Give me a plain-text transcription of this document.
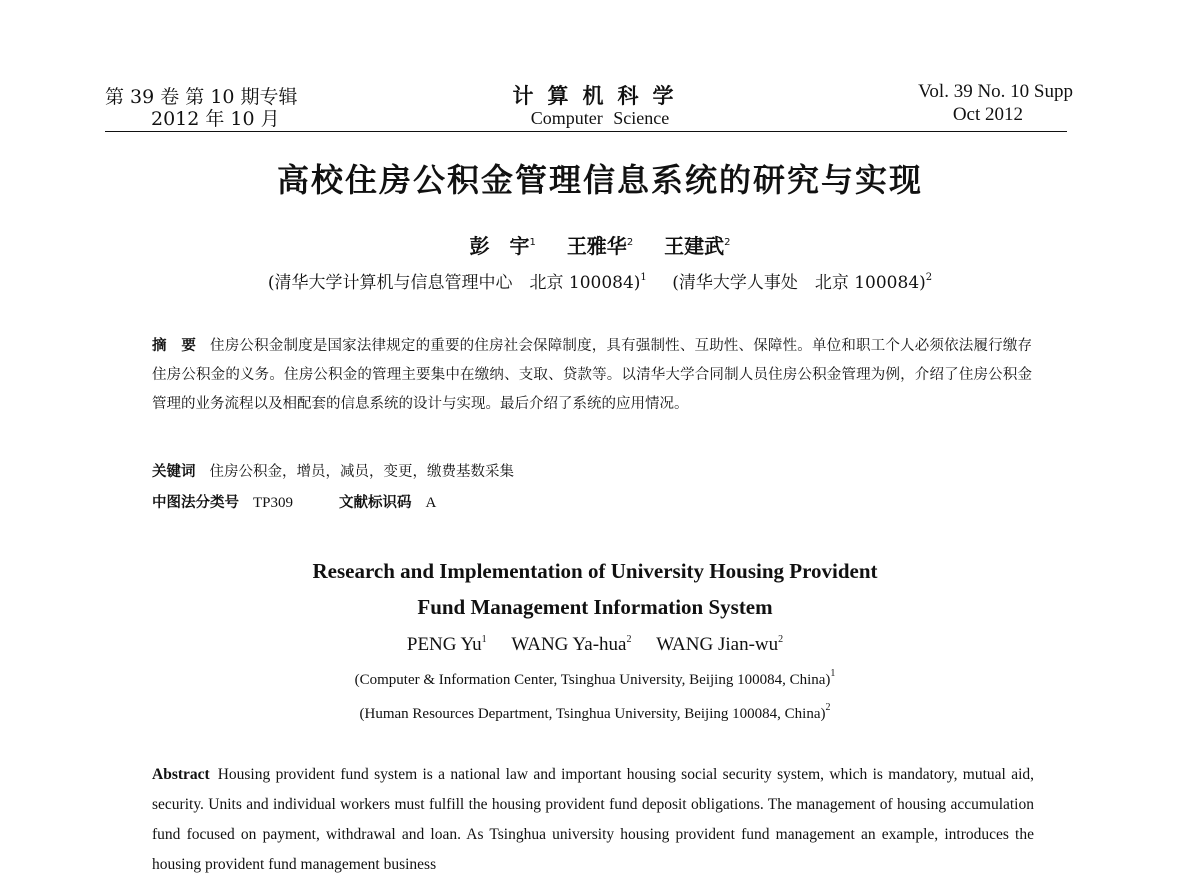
第 39 卷 第 10 期专辑
2012 年 10 月
计算机科学
Computer Science
Vol. 39 No. 10 Supp
Oct 2012
高校住房公积金管理信息系统的研究与实现
彭　宇$^1$ 王雅华$^2$ 王建武$^2$
(清华大学计算机与信息管理中心　北京 100084)$^1$ (清华大学人事处　北京 100084)$^2$
摘　要 住房公积金制度是国家法律规定的重要的住房社会保障制度，具有强制性、互助性、保障性。单位和职工个人必须依法履行缴存住房公积金的义务。住房公积金的管理主要集中在缴纳、支取、贷款等。以清华大学合同制人员住房公积金管理为例，介绍了住房公积金管理的业务流程以及相配套的信息系统的设计与实现。最后介绍了系统的应用情况。
关键词 住房公积金，增员，减员，变更，缴费基数采集
中图法分类号 TP309	文献标识码 A
Research and Implementation of University Housing Provident
Fund Management Information System
PENG Yu$^1$ WANG Ya-hua$^2$ WANG Jian-$wu^2$
(Computer & Information Center, Tsinghua University, Beijing 100084, China)$^1$
(Human Resources Department, Tsinghua University, Beijing 100084, China)$^2$
Abstract Housing provident fund system is a national law and important housing social security system, which is mandatory, mutual aid, security. Units and individual workers must fulfill the housing provident fund deposit obligations. The management of housing accumulation fund focused on payment, withdrawal and loan. As Tsinghua university housing provident fund management an example, introduces the housing provident fund management business
